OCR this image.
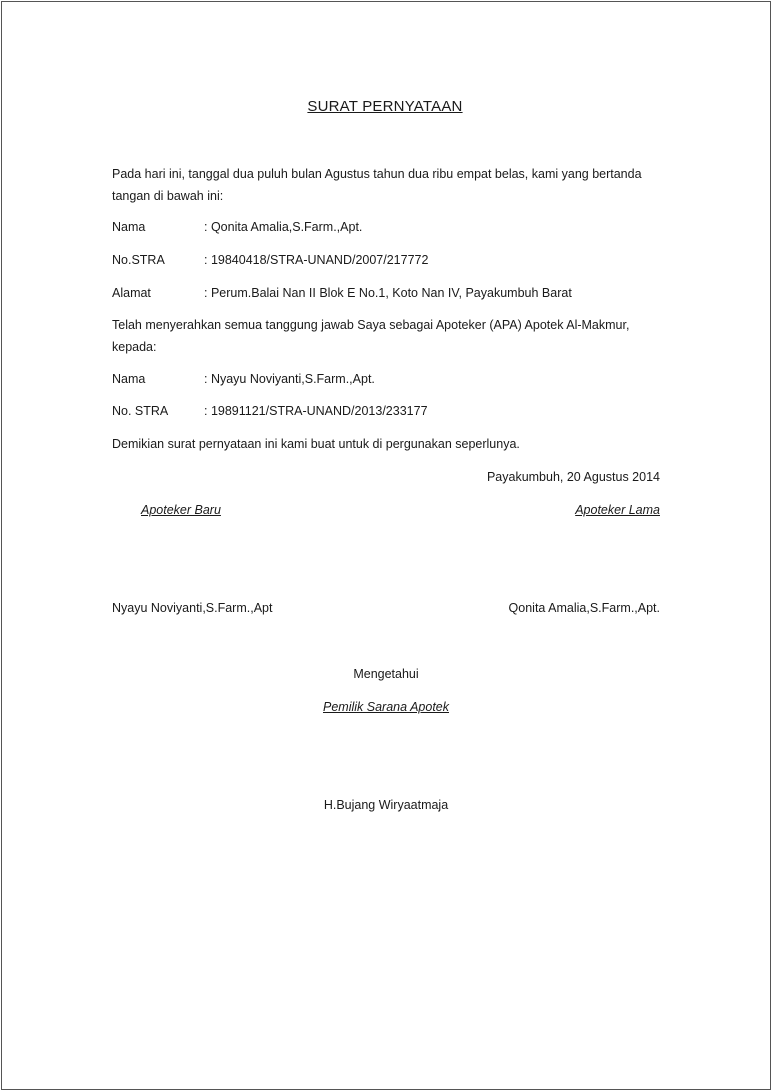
SURAT PERNYATAAN
Pada hari ini, tanggal dua puluh bulan Agustus tahun dua ribu empat belas, kami yang bertanda tangan di bawah ini:
Nama	: Qonita Amalia,S.Farm.,Apt.
No.STRA	: 19840418/STRA-UNAND/2007/217772
Alamat	: Perum.Balai Nan II Blok E No.1, Koto Nan IV, Payakumbuh Barat
Telah menyerahkan semua tanggung jawab Saya sebagai Apoteker (APA) Apotek Al-Makmur, kepada:
Nama	: Nyayu Noviyanti,S.Farm.,Apt.
No. STRA	: 19891121/STRA-UNAND/2013/233177
Demikian surat pernyataan ini kami buat untuk di pergunakan seperlunya.
Payakumbuh, 20 Agustus 2014
Apoteker Baru	Apoteker Lama
Nyayu Noviyanti,S.Farm.,Apt	Qonita Amalia,S.Farm.,Apt.
Mengetahui
Pemilik Sarana Apotek
H.Bujang Wiryaatmaja
